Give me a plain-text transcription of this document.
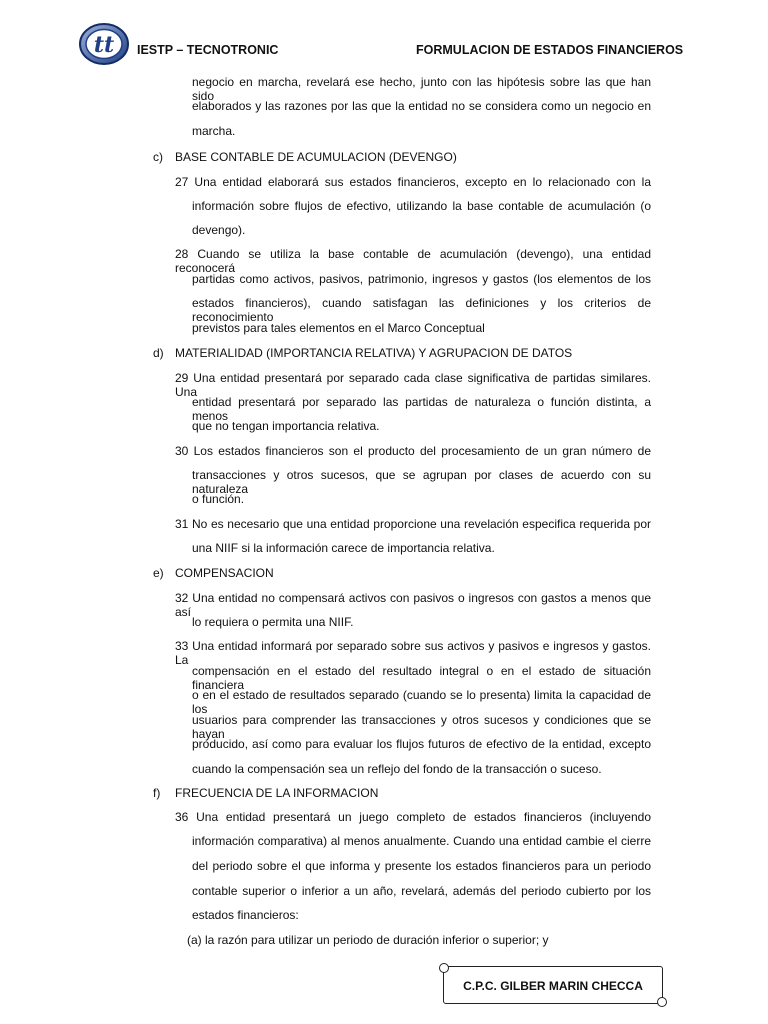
tt IESTP – TECNOTRONIC	FORMULACION DE ESTADOS FINANCIEROS
negocio en marcha, revelará ese hecho, junto con las hipótesis sobre las que han sido
elaborados y las razones por las que la entidad no se considera como un negocio en
marcha.
c) BASE CONTABLE DE ACUMULACION (DEVENGO)
27 Una entidad elaborará sus estados financieros, excepto en lo relacionado con la
información sobre flujos de efectivo, utilizando la base contable de acumulación (o
devengo).
28 Cuando se utiliza la base contable de acumulación (devengo), una entidad reconocerá
partidas como activos, pasivos, patrimonio, ingresos y gastos (los elementos de los
estados financieros), cuando satisfagan las definiciones y los criterios de reconocimiento
previstos para tales elementos en el Marco Conceptual
d) MATERIALIDAD (IMPORTANCIA RELATIVA) Y AGRUPACION DE DATOS
29 Una entidad presentará por separado cada clase significativa de partidas similares. Una
entidad presentará por separado las partidas de naturaleza o función distinta, a menos
que no tengan importancia relativa.
30 Los estados financieros son el producto del procesamiento de un gran número de
transacciones y otros sucesos, que se agrupan por clases de acuerdo con su naturaleza
o función.
31 No es necesario que una entidad proporcione una revelación especifica requerida por
una NIIF si la información carece de importancia relativa.
e) COMPENSACION
32 Una entidad no compensará activos con pasivos o ingresos con gastos a menos que así
lo requiera o permita una NIIF.
33 Una entidad informará por separado sobre sus activos y pasivos e ingresos y gastos. La
compensación en el estado del resultado integral o en el estado de situación financiera
o en el estado de resultados separado (cuando se lo presenta) limita la capacidad de los
usuarios para comprender las transacciones y otros sucesos y condiciones que se hayan
producido, así como para evaluar los flujos futuros de efectivo de la entidad, excepto
cuando la compensación sea un reflejo del fondo de la transacción o suceso.
f) FRECUENCIA DE LA INFORMACION
36 Una entidad presentará un juego completo de estados financieros (incluyendo
información comparativa) al menos anualmente. Cuando una entidad cambie el cierre
del periodo sobre el que informa y presente los estados financieros para un periodo
contable superior o inferior a un año, revelará, además del periodo cubierto por los
estados financieros:
(a) la razón para utilizar un periodo de duración inferior o superior; y
C.P.C. GILBER MARIN CHECCA
